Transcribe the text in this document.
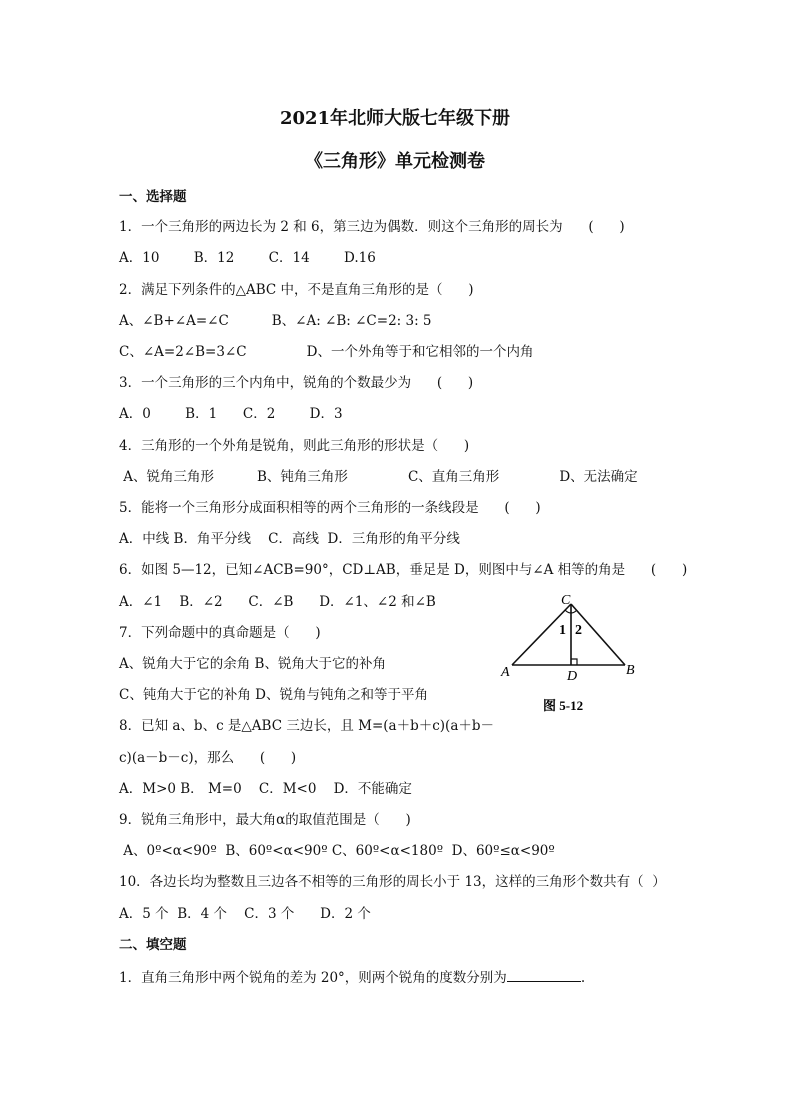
2021年北师大版七年级下册
《三角形》单元检测卷
一、选择题
1．一个三角形的两边长为 2 和 6，第三边为偶数．则这个三角形的周长为      (      )
A．10        B．12        C．14        D.16
2．满足下列条件的△ABC 中，不是直角三角形的是（      )
A、∠B+∠A=∠C          B、∠A: ∠B: ∠C=2: 3: 5
C、∠A=2∠B=3∠C              D、一个外角等于和它相邻的一个内角
3．一个三角形的三个内角中，锐角的个数最少为      (      )
A．0        B．1      C．2        D．3
4．三角形的一个外角是锐角，则此三角形的形状是（      )
A、锐角三角形          B、钝角三角形              C、直角三角形              D、无法确定
5．能将一个三角形分成面积相等的两个三角形的一条线段是      (      )
A．中线 B．角平分线    C．高线  D．三角形的角平分线
6．如图 5—12，已知∠ACB=90°，CD⊥AB，垂足是 D，则图中与∠A 相等的角是      (      )
A．∠1    B．∠2      C．∠B      D．∠1、∠2 和∠B
7．下列命题中的真命题是（      )
A、锐角大于它的余角 B、锐角大于它的补角
C、钝角大于它的补角 D、锐角与钝角之和等于平角
8．已知 a、b、c 是△ABC 三边长，且 M=(a＋b＋c)(a＋b－
c)(a－b－c)，那么      (      )
A．M>0 B． M=0    C．M<0    D．不能确定
9．锐角三角形中，最大角α的取值范围是（      )
A、0º<α<90º  B、60º<α<90º C、60º<α<180º  D、60º≤α<90º
10．各边长均为整数且三边各不相等的三角形的周长小于 13，这样的三角形个数共有（  ）
A．5 个  B．4 个    C．3 个      D．2 个
二、填空题
1．直角三角形中两个锐角的差为 20°，则两个锐角的度数分别为	.
C
A	B
D
1 2
图 5-12
